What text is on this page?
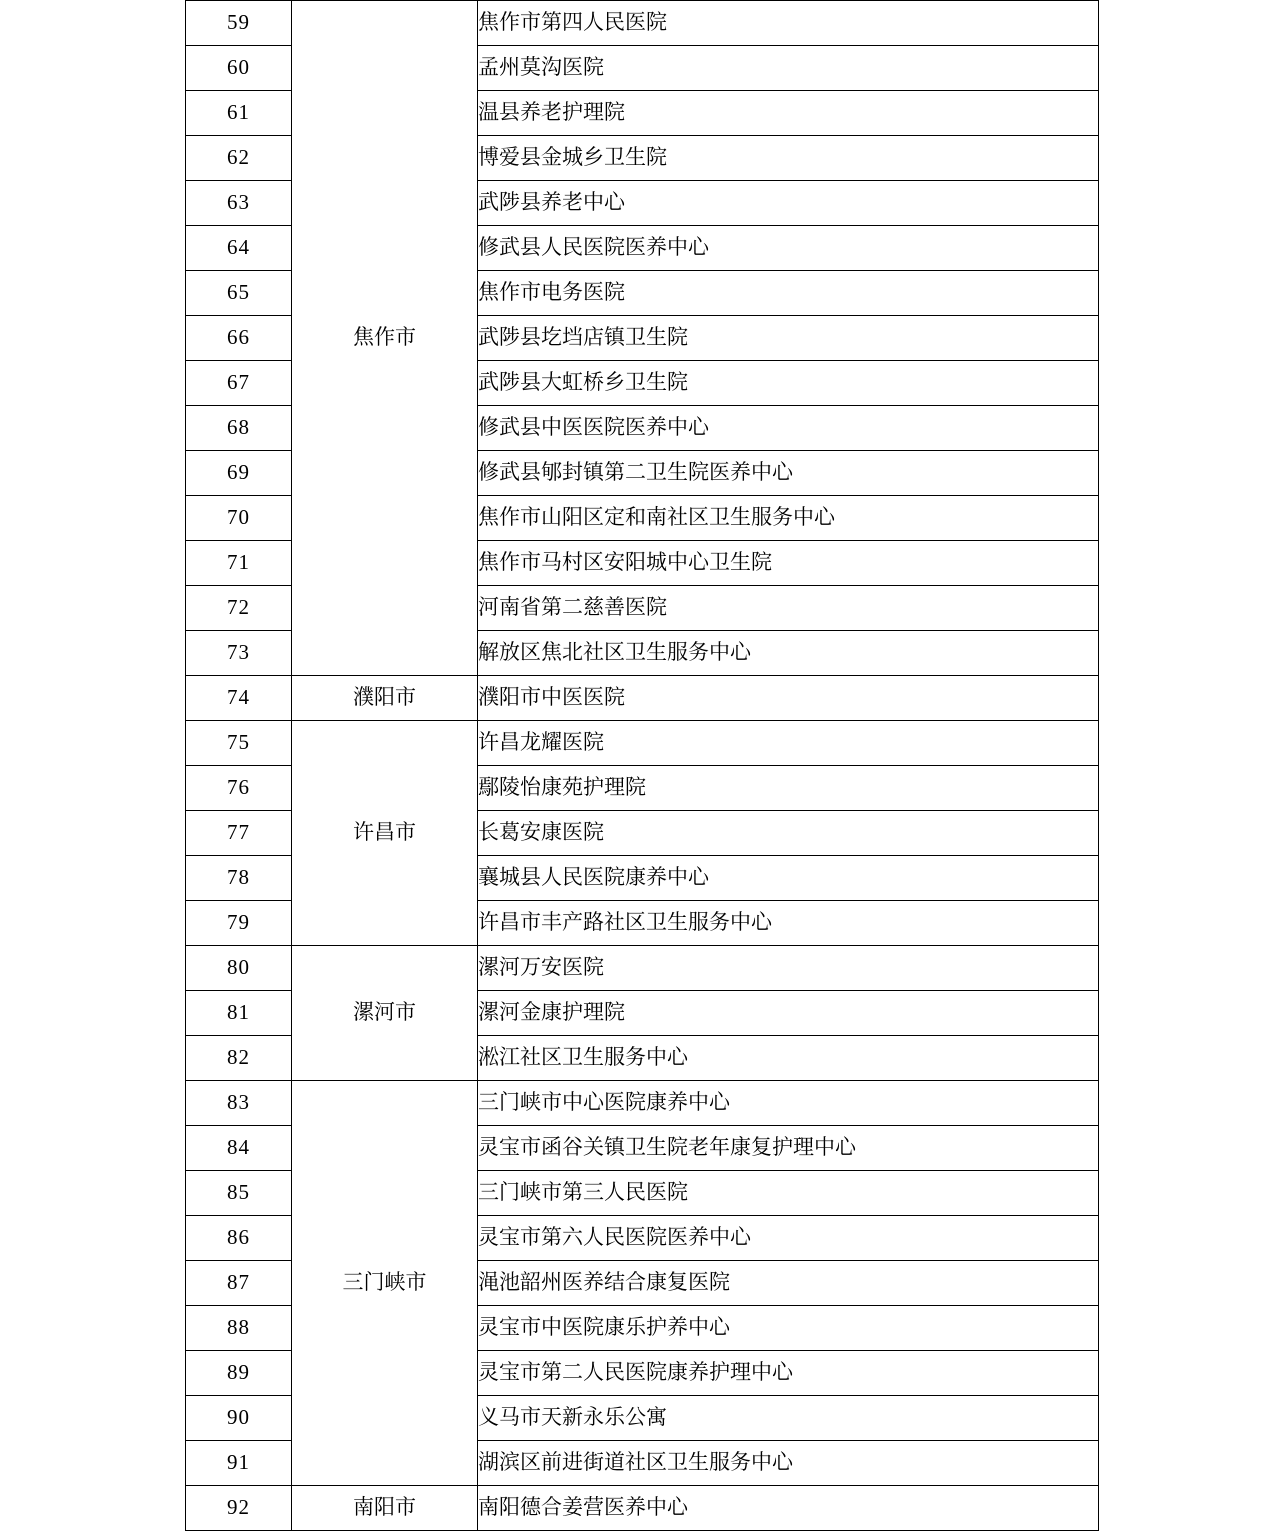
59	焦作市	焦作市第四人民医院
60		孟州莫沟医院
61		温县养老护理院
62		博爱县金城乡卫生院
63		武陟县养老中心
64		修武县人民医院医养中心
65		焦作市电务医院
66		武陟县圪垱店镇卫生院
67		武陟县大虹桥乡卫生院
68		修武县中医医院医养中心
69		修武县郇封镇第二卫生院医养中心
70		焦作市山阳区定和南社区卫生服务中心
71		焦作市马村区安阳城中心卫生院
72		河南省第二慈善医院
73		解放区焦北社区卫生服务中心
74	濮阳市	濮阳市中医医院
75	许昌市	许昌龙耀医院
76		鄢陵怡康苑护理院
77		长葛安康医院
78		襄城县人民医院康养中心
79		许昌市丰产路社区卫生服务中心
80	漯河市	漯河万安医院
81		漯河金康护理院
82		淞江社区卫生服务中心
83	三门峡市	三门峡市中心医院康养中心
84		灵宝市函谷关镇卫生院老年康复护理中心
85		三门峡市第三人民医院
86		灵宝市第六人民医院医养中心
87		渑池韶州医养结合康复医院
88		灵宝市中医院康乐护养中心
89		灵宝市第二人民医院康养护理中心
90		义马市天新永乐公寓
91		湖滨区前进街道社区卫生服务中心
92	南阳市	南阳德合姜营医养中心
